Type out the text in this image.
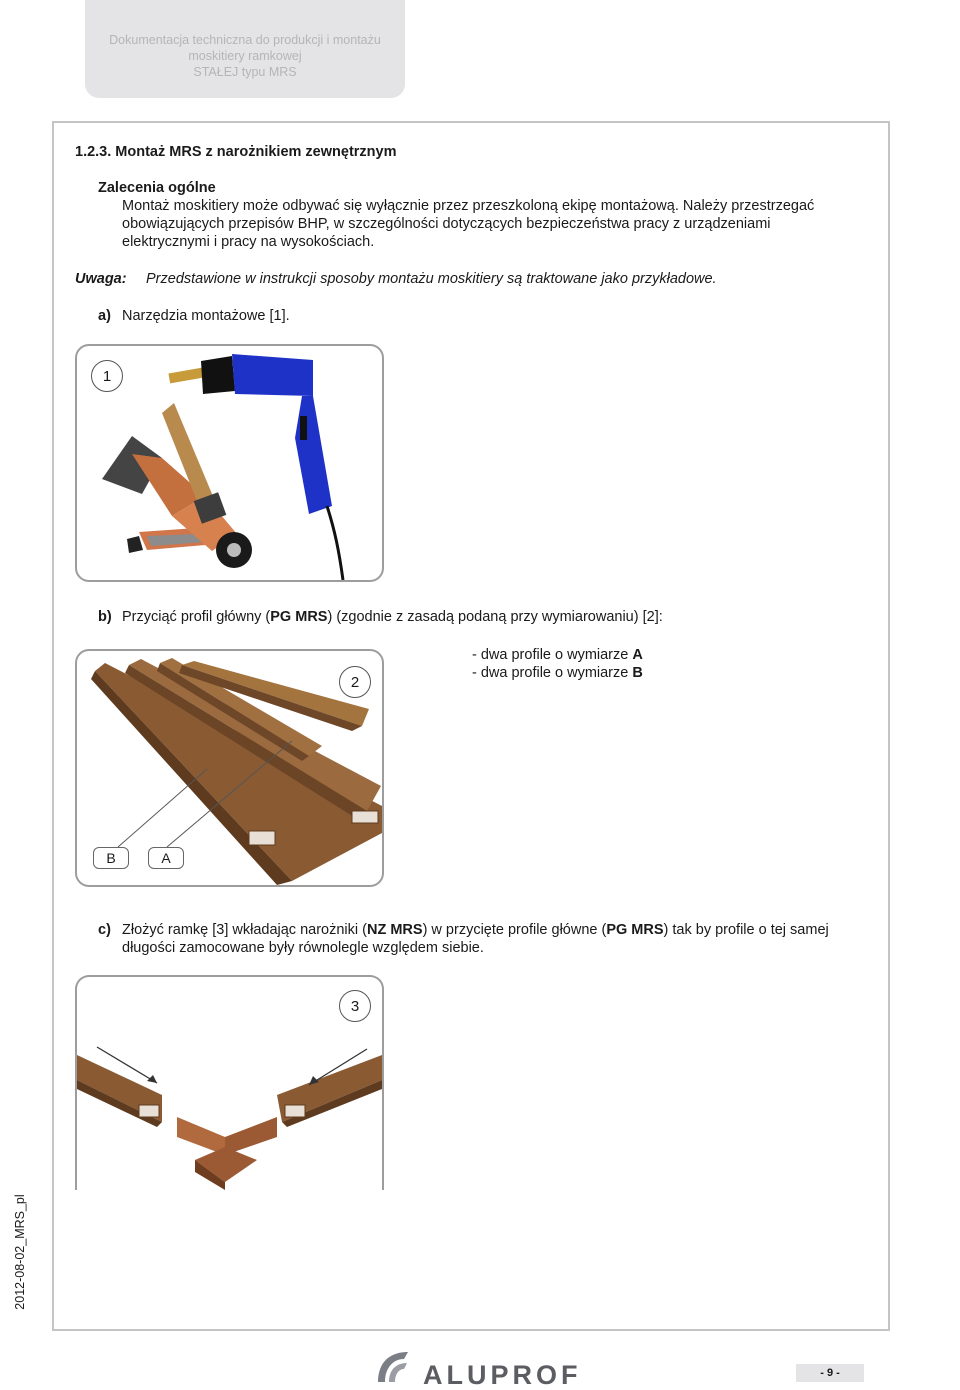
Dokumentacja techniczna do produkcji i montażu
moskitiery ramkowej
STAŁEJ typu MRS
1.2.3. Montaż MRS z narożnikiem zewnętrznym
Zalecenia ogólne
Montaż moskitiery może odbywać się wyłącznie przez przeszkoloną ekipę montażową. Należy przestrzegać
obowiązujących przepisów BHP, w szczególności dotyczących bezpieczeństwa pracy z urządzeniami
elektrycznymi i pracy na wysokościach.
Uwaga: Przedstawione w instrukcji sposoby montażu moskitiery są traktowane jako przykładowe.
a) Narzędzia montażowe [1].
1
b) Przyciąć profil główny (PG MRS) (zgodnie z zasadą podaną przy wymiarowaniu) [2]:
- dwa profile o wymiarze A
- dwa profile o wymiarze B
2
B	A
c) Złożyć ramkę [3] wkładając narożniki (NZ MRS) w przycięte profile główne (PG MRS) tak by profile o tej samej
długości zamocowane były równolegle względem siebie.
3
2012-08-02_MRS_pl
ALUPROF	- 9 -
